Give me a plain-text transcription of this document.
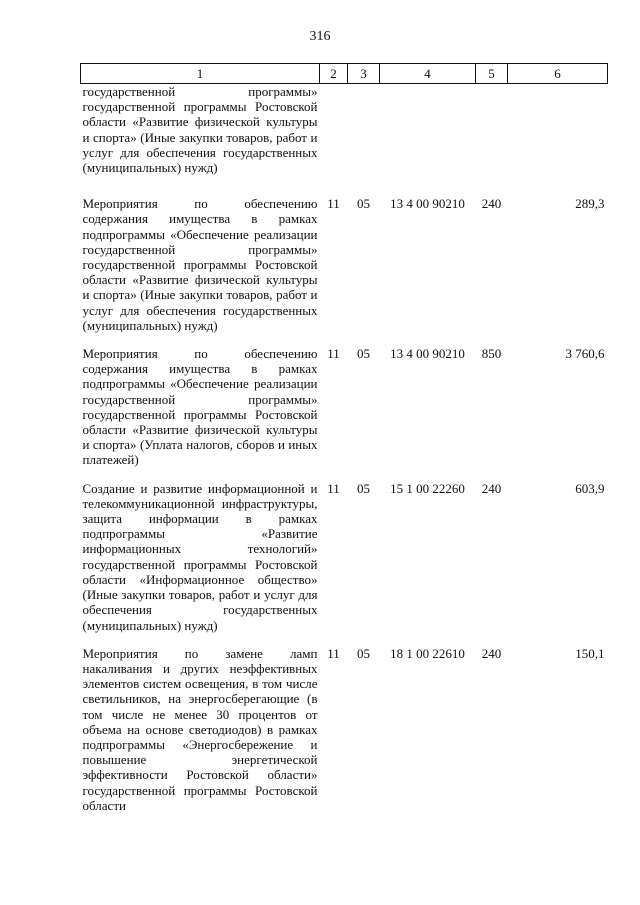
316
1	2	3	4	5	6
государственной программы» государственной программы Ростовской области «Развитие физической культуры и спорта» (Иные закупки товаров, работ и услуг для обеспечения государственных (муниципальных) нужд)					
Мероприятия по обеспечению содержания имущества в рамках подпрограммы «Обеспечение реализации государственной программы» государственной программы Ростовской области «Развитие физической культуры и спорта» (Иные закупки товаров, работ и услуг для обеспечения государственных (муниципальных) нужд)	11	05	13 4 00 90210	240	289,3
Мероприятия по обеспечению содержания имущества в рамках подпрограммы «Обеспечение реализации государственной программы» государственной программы Ростовской области «Развитие физической культуры и спорта» (Уплата налогов, сборов и иных платежей)	11	05	13 4 00 90210	850	3 760,6
Создание и развитие информационной и телекоммуникационной инфраструктуры, защита информации в рамках подпрограммы «Развитие информационных технологий» государственной программы Ростовской области «Информационное общество» (Иные закупки товаров, работ и услуг для обеспечения государственных (муниципальных) нужд)	11	05	15 1 00 22260	240	603,9
Мероприятия по замене ламп накаливания и других неэффективных элементов систем освещения, в том числе светильников, на энергосберегающие (в том числе не менее 30 процентов от объема на основе светодиодов) в рамках подпрограммы «Энергосбережение и повышение энергетической эффективности Ростовской области» государственной программы Ростовской области	11	05	18 1 00 22610	240	150,1
